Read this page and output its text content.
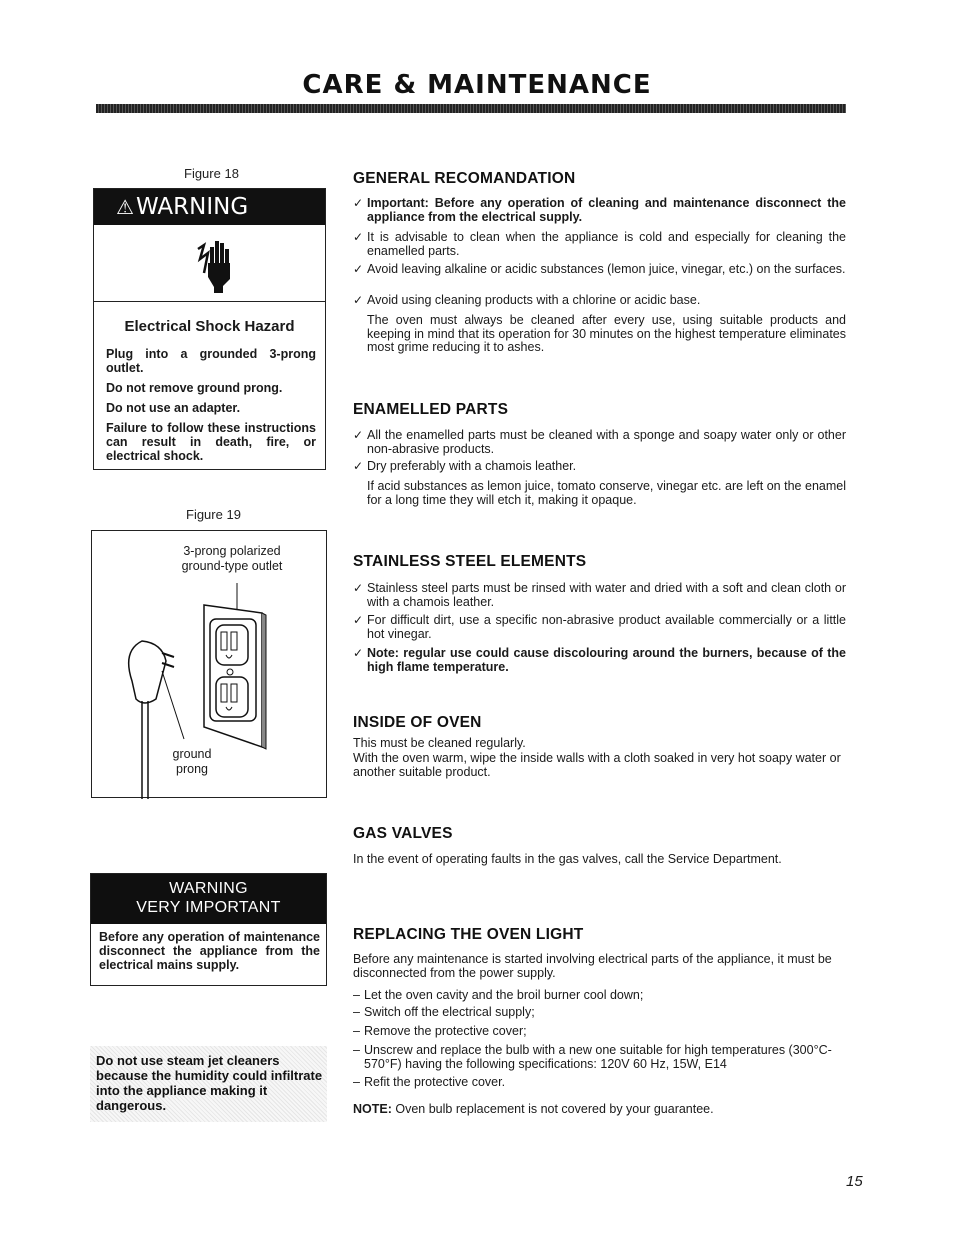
CARE & MAINTENANCE
Figure 18
⚠WARNING
Electrical Shock Hazard
Plug into a grounded 3-prong outlet.
Do not remove ground prong.
Do not use an adapter.
Failure to follow these instructions can result in death, fire, or electrical shock.
Figure 19
3-prong polarized
ground-type outlet
ground
prong
WARNING
VERY IMPORTANT
Before any operation of maintenance disconnect the appliance from the electrical mains supply.
Do not use steam jet cleaners because the humidity could infiltrate into the appliance making it dangerous.
GENERAL RECOMANDATION
✓ Important: Before any operation of cleaning and maintenance disconnect the appliance from the electrical supply.
✓ It is advisable to clean when the appliance is cold and especially for cleaning the enamelled parts.
✓ Avoid leaving alkaline or acidic substances (lemon juice, vinegar, etc.) on the surfaces.
✓ Avoid using cleaning products with a chlorine or acidic base.
The oven must always be cleaned after every use, using suitable products and keeping in mind that its operation for 30 minutes on the highest temperature eliminates most grime reducing it to ashes.
ENAMELLED PARTS
✓ All the enamelled parts must be cleaned with a sponge and soapy water only or other non-abrasive products.
✓ Dry preferably with a chamois leather.
If acid substances as lemon juice, tomato conserve, vinegar etc. are left on the enamel for a long time they will etch it, making it opaque.
STAINLESS STEEL ELEMENTS
✓ Stainless steel parts must be rinsed with water and dried with a soft and clean cloth or with a chamois leather.
✓ For difficult dirt, use a specific non-abrasive product available commercially or a little hot vinegar.
✓ Note: regular use could cause discolouring around the burners, because of the high flame temperature.
INSIDE OF OVEN
This must be cleaned regularly.
With the oven warm, wipe the inside walls with a cloth soaked in very hot soapy water or another suitable product.
GAS VALVES
In the event of operating faults in the gas valves, call the Service Department.
REPLACING THE OVEN LIGHT
Before any maintenance is started involving electrical parts of the appliance, it must be disconnected from the power supply.
– Let the oven cavity and the broil burner cool down;
– Switch off the electrical supply;
– Remove the protective cover;
– Unscrew and replace the bulb with a new one suitable for high temperatures (300°C-570°F) having the following specifications: 120V 60 Hz, 15W, E14
– Refit the protective cover.
NOTE: Oven bulb replacement is not covered by your guarantee.
15
